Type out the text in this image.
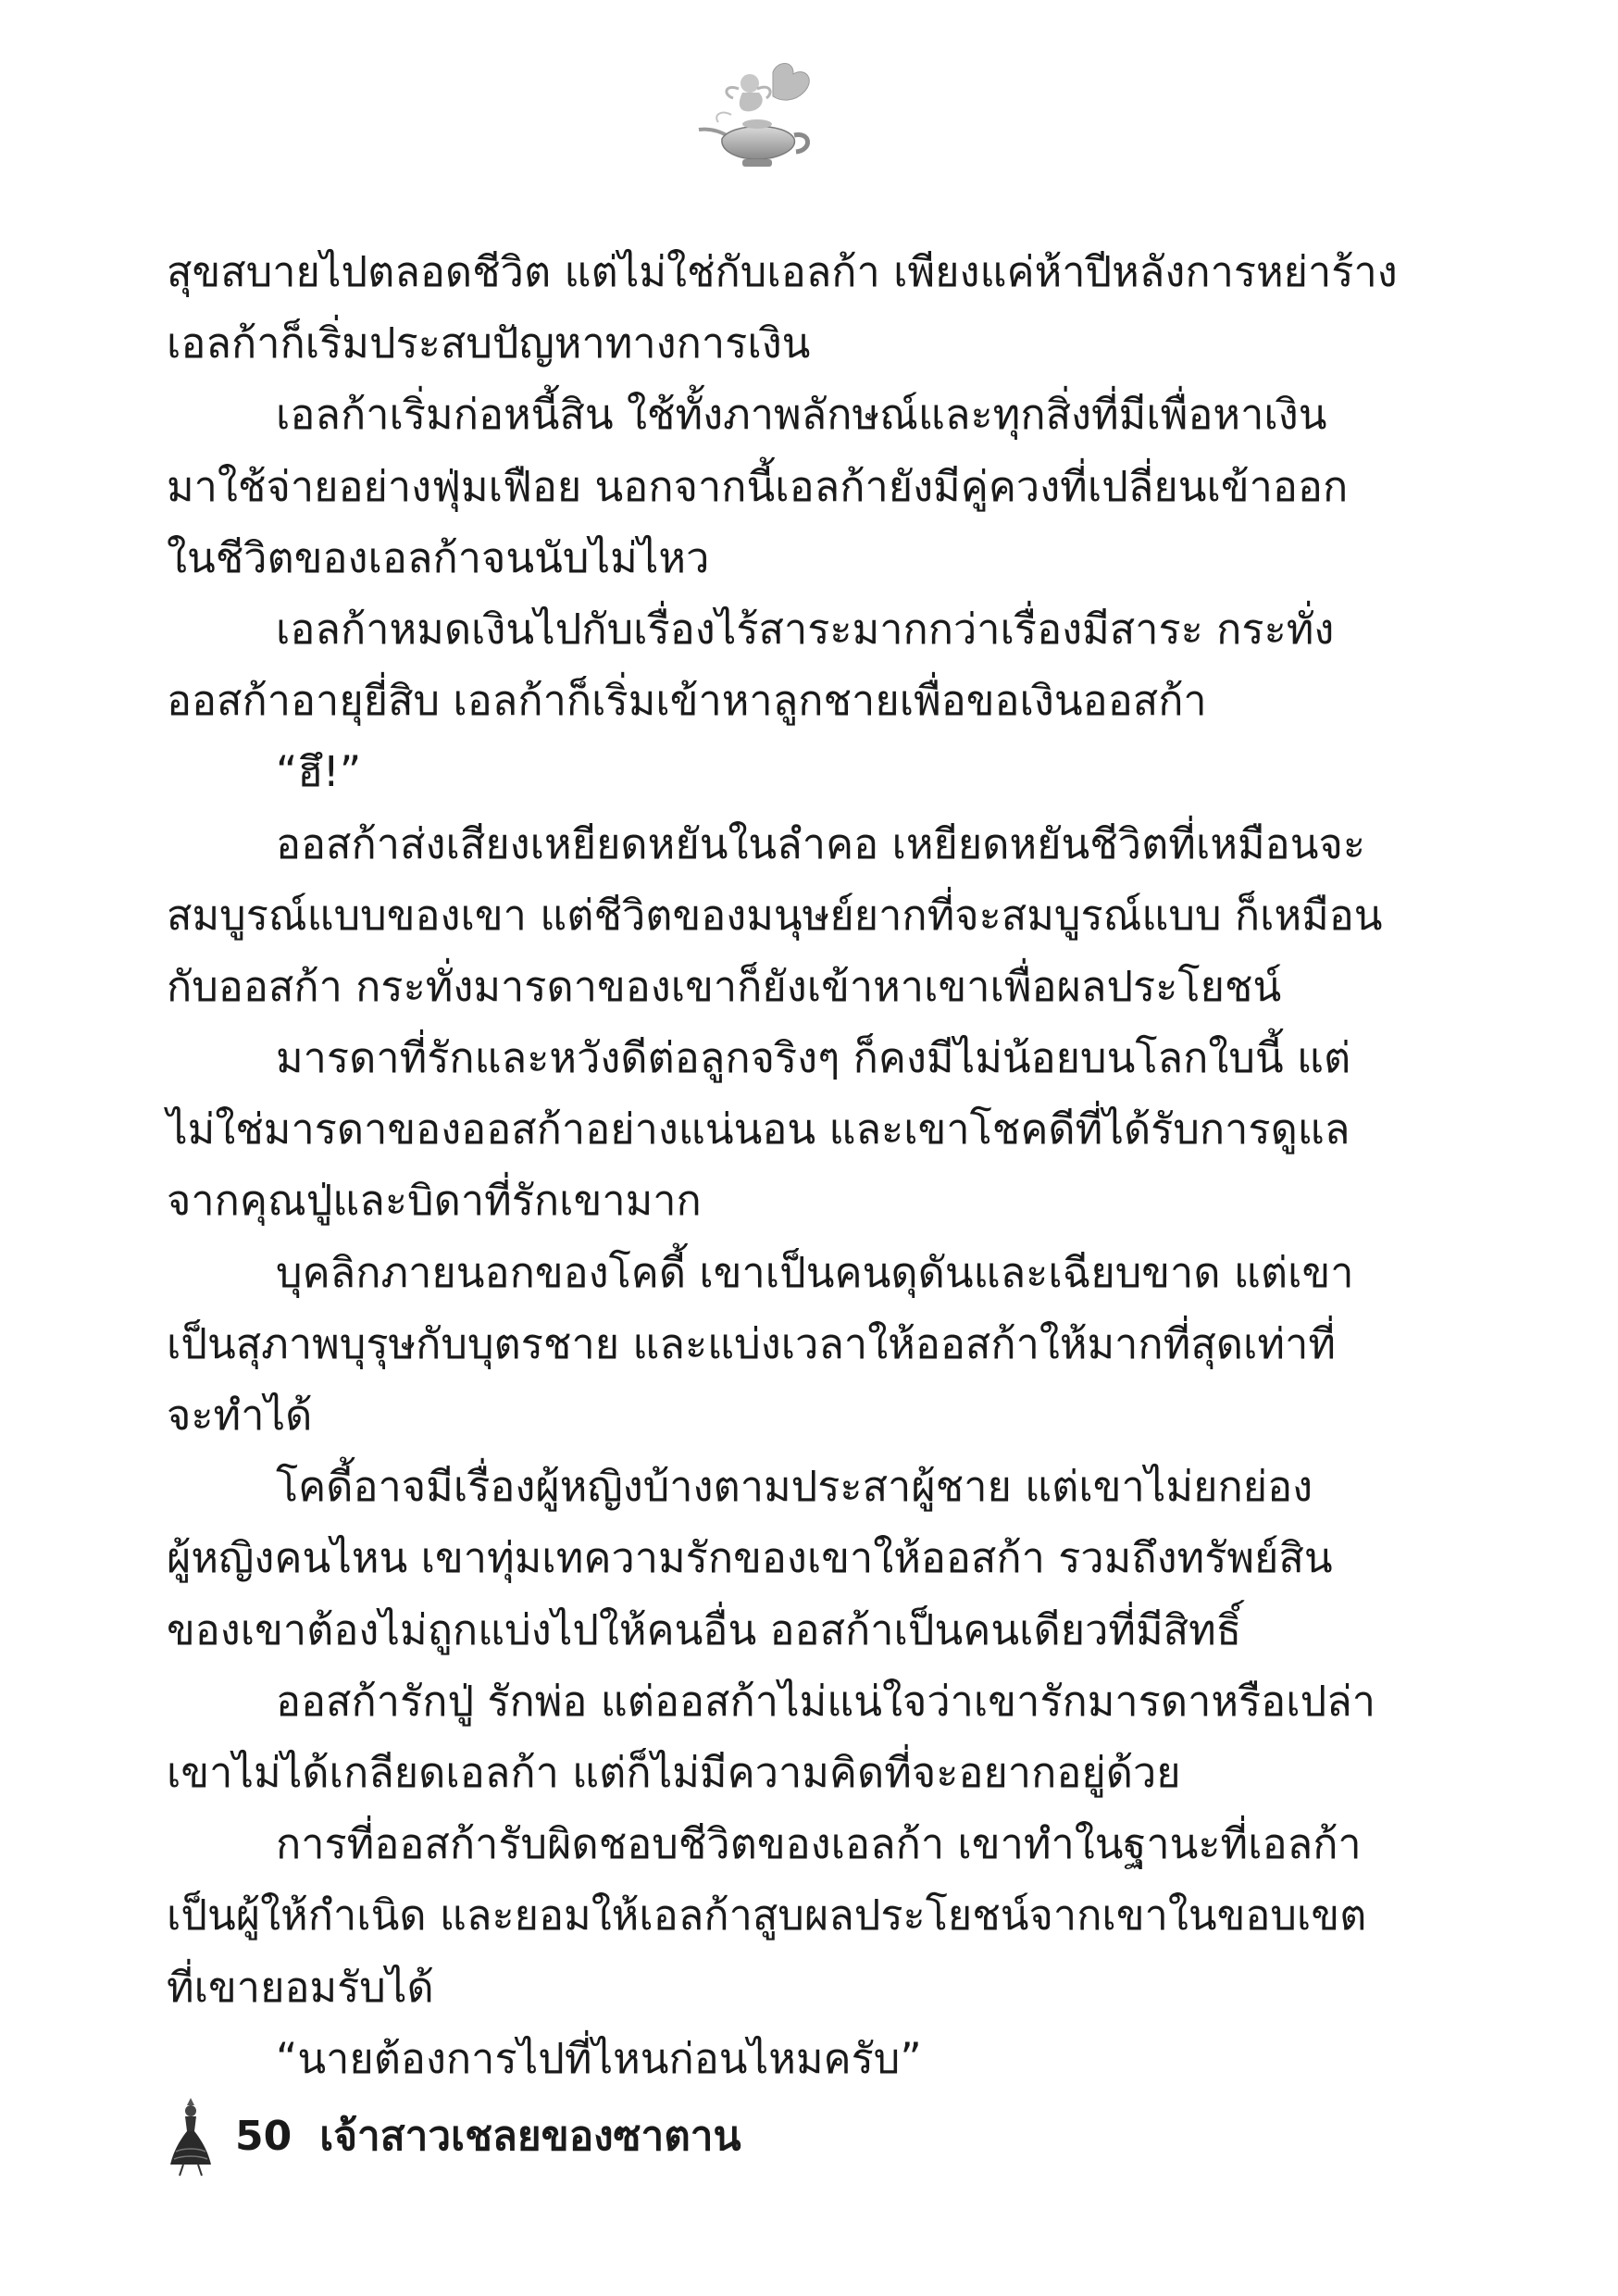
สุขสบายไปตลอดชีวิต แต่ไม่ใช่กับเอลก้า เพียงแค่ห้าปีหลังการหย่าร้าง

เอลก้าก็เริ่มประสบปัญหาทางการเงิน

เอลก้าเริ่มก่อหนี้สิน ใช้ทั้งภาพลักษณ์และทุกสิ่งที่มีเพื่อหาเงิน

มาใช้จ่ายอย่างฟุ่มเฟือย นอกจากนี้เอลก้ายังมีคู่ควงที่เปลี่ยนเข้าออก

ในชีวิตของเอลก้าจนนับไม่ไหว

เอลก้าหมดเงินไปกับเรื่องไร้สาระมากกว่าเรื่องมีสาระ กระทั่ง

ออสก้าอายุยี่สิบ เอลก้าก็เริ่มเข้าหาลูกชายเพื่อขอเงินออสก้า

“ฮึ!”

ออสก้าส่งเสียงเหยียดหยันในลำคอ เหยียดหยันชีวิตที่เหมือนจะ

สมบูรณ์แบบของเขา แต่ชีวิตของมนุษย์ยากที่จะสมบูรณ์แบบ ก็เหมือน

กับออสก้า กระทั่งมารดาของเขาก็ยังเข้าหาเขาเพื่อผลประโยชน์

มารดาที่รักและหวังดีต่อลูกจริงๆ ก็คงมีไม่น้อยบนโลกใบนี้ แต่

ไม่ใช่มารดาของออสก้าอย่างแน่นอน และเขาโชคดีที่ได้รับการดูแล

จากคุณปู่และบิดาที่รักเขามาก

บุคลิกภายนอกของโคดี้ เขาเป็นคนดุดันและเฉียบขาด แต่เขา

เป็นสุภาพบุรุษกับบุตรชาย และแบ่งเวลาให้ออสก้าให้มากที่สุดเท่าที่

จะทำได้

โคดี้อาจมีเรื่องผู้หญิงบ้างตามประสาผู้ชาย แต่เขาไม่ยกย่อง

ผู้หญิงคนไหน เขาทุ่มเทความรักของเขาให้ออสก้า รวมถึงทรัพย์สิน

ของเขาต้องไม่ถูกแบ่งไปให้คนอื่น ออสก้าเป็นคนเดียวที่มีสิทธิ์

ออสก้ารักปู่ รักพ่อ แต่ออสก้าไม่แน่ใจว่าเขารักมารดาหรือเปล่า

เขาไม่ได้เกลียดเอลก้า แต่ก็ไม่มีความคิดที่จะอยากอยู่ด้วย

การที่ออสก้ารับผิดชอบชีวิตของเอลก้า เขาทำในฐานะที่เอลก้า

เป็นผู้ให้กำเนิด และยอมให้เอลก้าสูบผลประโยชน์จากเขาในขอบเขต

ที่เขายอมรับได้

“นายต้องการไปที่ไหนก่อนไหมครับ”

50 เจ้าสาวเชลยของซาตาน
